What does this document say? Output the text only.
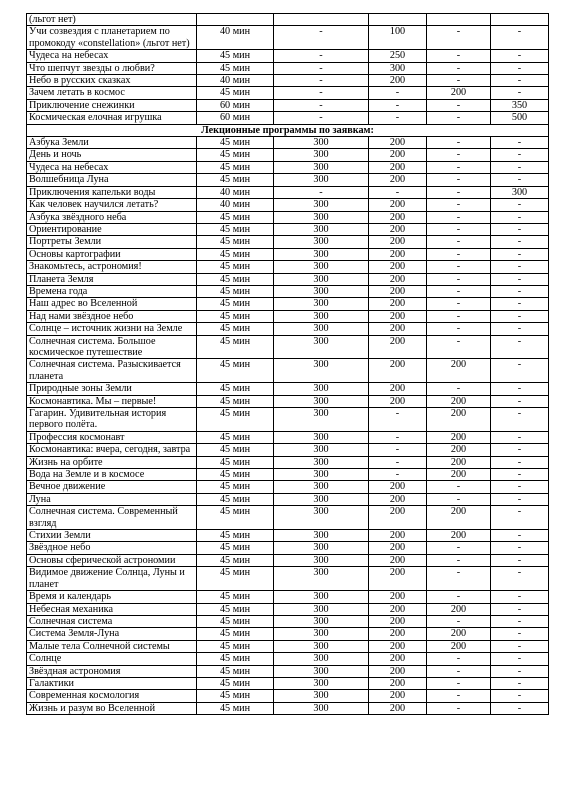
(льгот нет)					
Учи созвездия с планетарием по промокоду «constellation» (льгот нет)	40 мин	-	100	-	-
Чудеса на небесах	45 мин	-	250	-	-
Что шепчут звезды о любви?	45 мин	-	300	-	-
Небо в русских сказках	40 мин	-	200	-	-
Зачем летать в космос	45 мин	-	-	200	-
Приключение снежинки	60 мин	-	-	-	350
Космическая елочная игрушка	60 мин	-	-	-	500
Лекционные программы по заявкам:					
Азбука Земли	45 мин	300	200	-	-
День и ночь	45 мин	300	200	-	-
Чудеса на небесах	45 мин	300	200	-	-
Волшебница Луна	45 мин	300	200	-	-
Приключения капельки воды	40 мин	-	-	-	300
Как человек научился летать?	40 мин	300	200	-	-
Азбука звёздного неба	45 мин	300	200	-	-
Ориентирование	45 мин	300	200	-	-
Портреты Земли	45 мин	300	200	-	-
Основы картографии	45 мин	300	200	-	-
Знакомьтесь, астрономия!	45 мин	300	200	-	-
Планета Земля	45 мин	300	200	-	-
Времена года	45 мин	300	200	-	-
Наш адрес во Вселенной	45 мин	300	200	-	-
Над нами звёздное небо	45 мин	300	200	-	-
Солнце – источник жизни на Земле	45 мин	300	200	-	-
Солнечная система. Большое космическое путешествие	45 мин	300	200	-	-
Солнечная система. Разыскивается планета	45 мин	300	200	200	-
Природные зоны Земли	45 мин	300	200	-	-
Космонавтика. Мы – первые!	45 мин	300	200	200	-
Гагарин. Удивительная история первого полёта.	45 мин	300	-	200	-
Профессия космонавт	45 мин	300	-	200	-
Космонавтика: вчера, сегодня, завтра	45 мин	300	-	200	-
Жизнь на орбите	45 мин	300	-	200	-
Вода на Земле и в космосе	45 мин	300	-	200	-
Вечное движение	45 мин	300	200	-	-
Луна	45 мин	300	200	-	-
Солнечная система. Современный взгляд	45 мин	300	200	200	-
Стихии Земли	45 мин	300	200	200	-
Звёздное небо	45 мин	300	200	-	-
Основы сферической астрономии	45 мин	300	200	-	-
Видимое движение Солнца, Луны и планет	45 мин	300	200	-	-
Время и календарь	45 мин	300	200	-	-
Небесная механика	45 мин	300	200	200	-
Солнечная система	45 мин	300	200	-	-
Система Земля-Луна	45 мин	300	200	200	-
Малые тела Солнечной системы	45 мин	300	200	200	-
Солнце	45 мин	300	200	-	-
Звёздная астрономия	45 мин	300	200	-	-
Галактики	45 мин	300	200	-	-
Современная космология	45 мин	300	200	-	-
Жизнь и разум во Вселенной	45 мин	300	200	-	-
